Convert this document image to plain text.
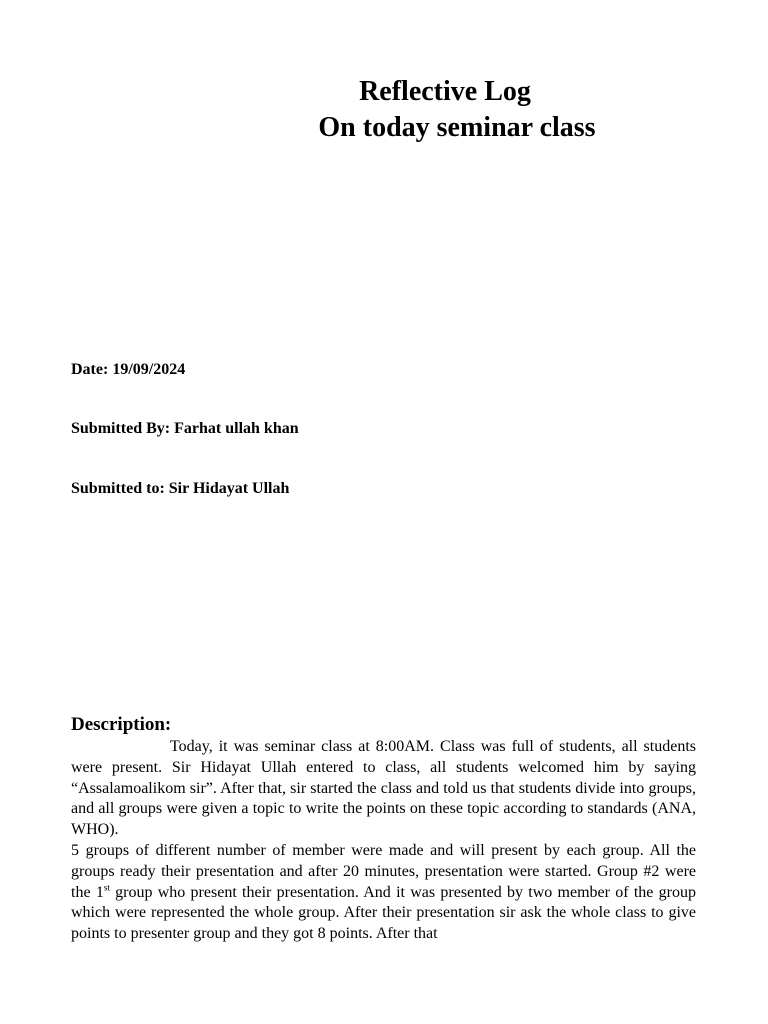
Reflective Log
On today seminar class
Date: 19/09/2024
Submitted By: Farhat ullah khan
Submitted to: Sir Hidayat Ullah
Description:

Today, it was seminar class at 8:00AM. Class was full of students, all students were present. Sir Hidayat Ullah entered to class, all students welcomed him by saying “Assalamoalikom sir”. After that, sir started the class and told us that students divide into groups, and all groups were given a topic to write the points on these topic according to standards (ANA, WHO).

5 groups of different number of member were made and will present by each group. All the groups ready their presentation and after 20 minutes, presentation were started. Group #2 were the 1st group who present their presentation. And it was presented by two member of the group which were represented the whole group. After their presentation sir ask the whole class to give points to presenter group and they got 8 points. After that
